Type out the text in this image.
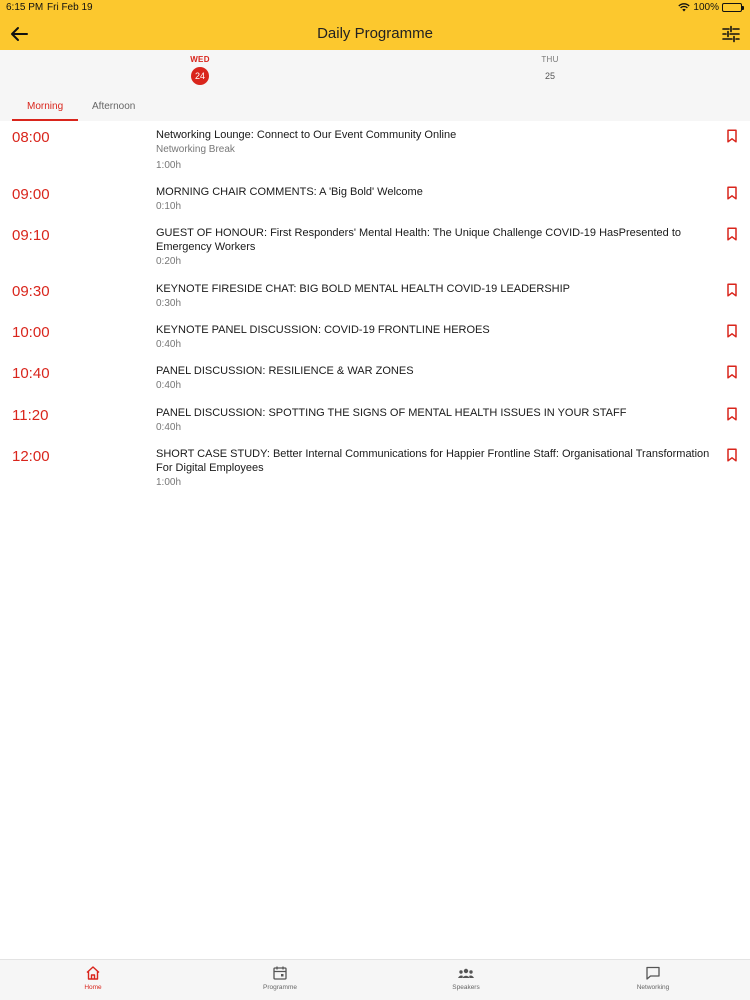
6:15 PM Fri Feb 19	100%
Daily Programme
WED
24
THU
25
Morning	Afternoon
08:00	Networking Lounge: Connect to Our Event Community Online
Networking Break
1:00h
09:00	MORNING CHAIR COMMENTS: A 'Big Bold' Welcome
0:10h
09:10	GUEST OF HONOUR: First Responders' Mental Health: The Unique Challenge COVID-19 HasPresented to Emergency Workers
0:20h
09:30	KEYNOTE FIRESIDE CHAT: BIG BOLD MENTAL HEALTH COVID-19 LEADERSHIP
0:30h
10:00	KEYNOTE PANEL DISCUSSION: COVID-19 FRONTLINE HEROES
0:40h
10:40	PANEL DISCUSSION: RESILIENCE & WAR ZONES
0:40h
11:20	PANEL DISCUSSION: SPOTTING THE SIGNS OF MENTAL HEALTH ISSUES IN YOUR STAFF
0:40h
12:00	SHORT CASE STUDY: Better Internal Communications for Happier Frontline Staff: Organisational Transformation For Digital Employees
1:00h
Home	Programme	Speakers	Networking
